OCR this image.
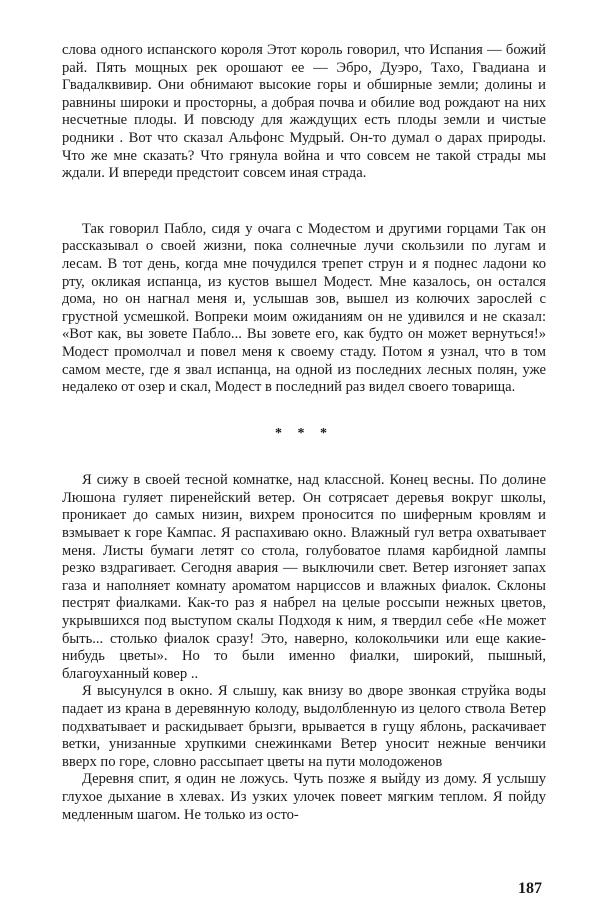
слова одного испанского короля Этот король говорил, что Испания — божий рай. Пять мощных рек орошают ее — Эбро, Дуэро, Тахо, Гвадиана и Гвадалквивир. Они обнимают высокие горы и обширные земли; долины и равнины широки и просторны, а добрая почва и обилие вод рождают на них несчетные плоды. И повсюду для жаждущих есть плоды земли и чистые родники . Вот что сказал Альфонс Мудрый. Он-то думал о дарах природы. Что же мне сказать? Что грянула война и что совсем не такой страды мы ждали. И впереди предстоит совсем иная страда.

Так говорил Пабло, сидя у очага с Модестом и другими горцами Так он рассказывал о своей жизни, пока солнечные лучи скользили по лугам и лесам. В тот день, когда мне почудился трепет струн и я поднес ладони ко рту, окликая испанца, из кустов вышел Модест. Мне казалось, он остался дома, но он нагнал меня и, услышав зов, вышел из колючих зарослей с грустной усмешкой. Вопреки моим ожиданиям он не удивился и не сказал: «Вот как, вы зовете Пабло... Вы зовете его, как будто он может вернуться!» Модест промолчал и повел меня к своему стаду. Потом я узнал, что в том самом месте, где я звал испанца, на одной из последних лесных полян, уже недалеко от озер и скал, Модест в последний раз видел своего товарища.

* * *

Я сижу в своей тесной комнатке, над классной. Конец весны. По долине Люшона гуляет пиренейский ветер. Он сотрясает деревья вокруг школы, проникает до самых низин, вихрем проносится по шиферным кровлям и взмывает к горе Кампас. Я распахиваю окно. Влажный гул ветра охватывает меня. Листы бумаги летят со стола, голубоватое пламя карбидной лампы резко вздрагивает. Сегодня авария — выключили свет. Ветер изгоняет запах газа и наполняет комнату ароматом нарциссов и влажных фиалок. Склоны пестрят фиалками. Как-то раз я набрел на целые россыпи нежных цветов, укрывшихся под выступом скалы Подходя к ним, я твердил себе «Не может быть... столько фиалок сразу! Это, наверно, колокольчики или еще какие-нибудь цветы». Но то были именно фиалки, широкий, пышный, благоуханный ковер ..

Я высунулся в окно. Я слышу, как внизу во дворе звонкая струйка воды падает из крана в деревянную колоду, выдолбленную из целого ствола Ветер подхватывает и раскидывает брызги, врывается в гущу яблонь, раскачивает ветки, унизанные хрупкими снежинками Ветер уносит нежные венчики вверх по горе, словно рассыпает цветы на пути молодоженов

Деревня спит, я один не ложусь. Чуть позже я выйду из дому. Я услышу глухое дыхание в хлевах. Из узких улочек повеет мягким теплом. Я пойду медленным шагом. Не только из осто-

187
